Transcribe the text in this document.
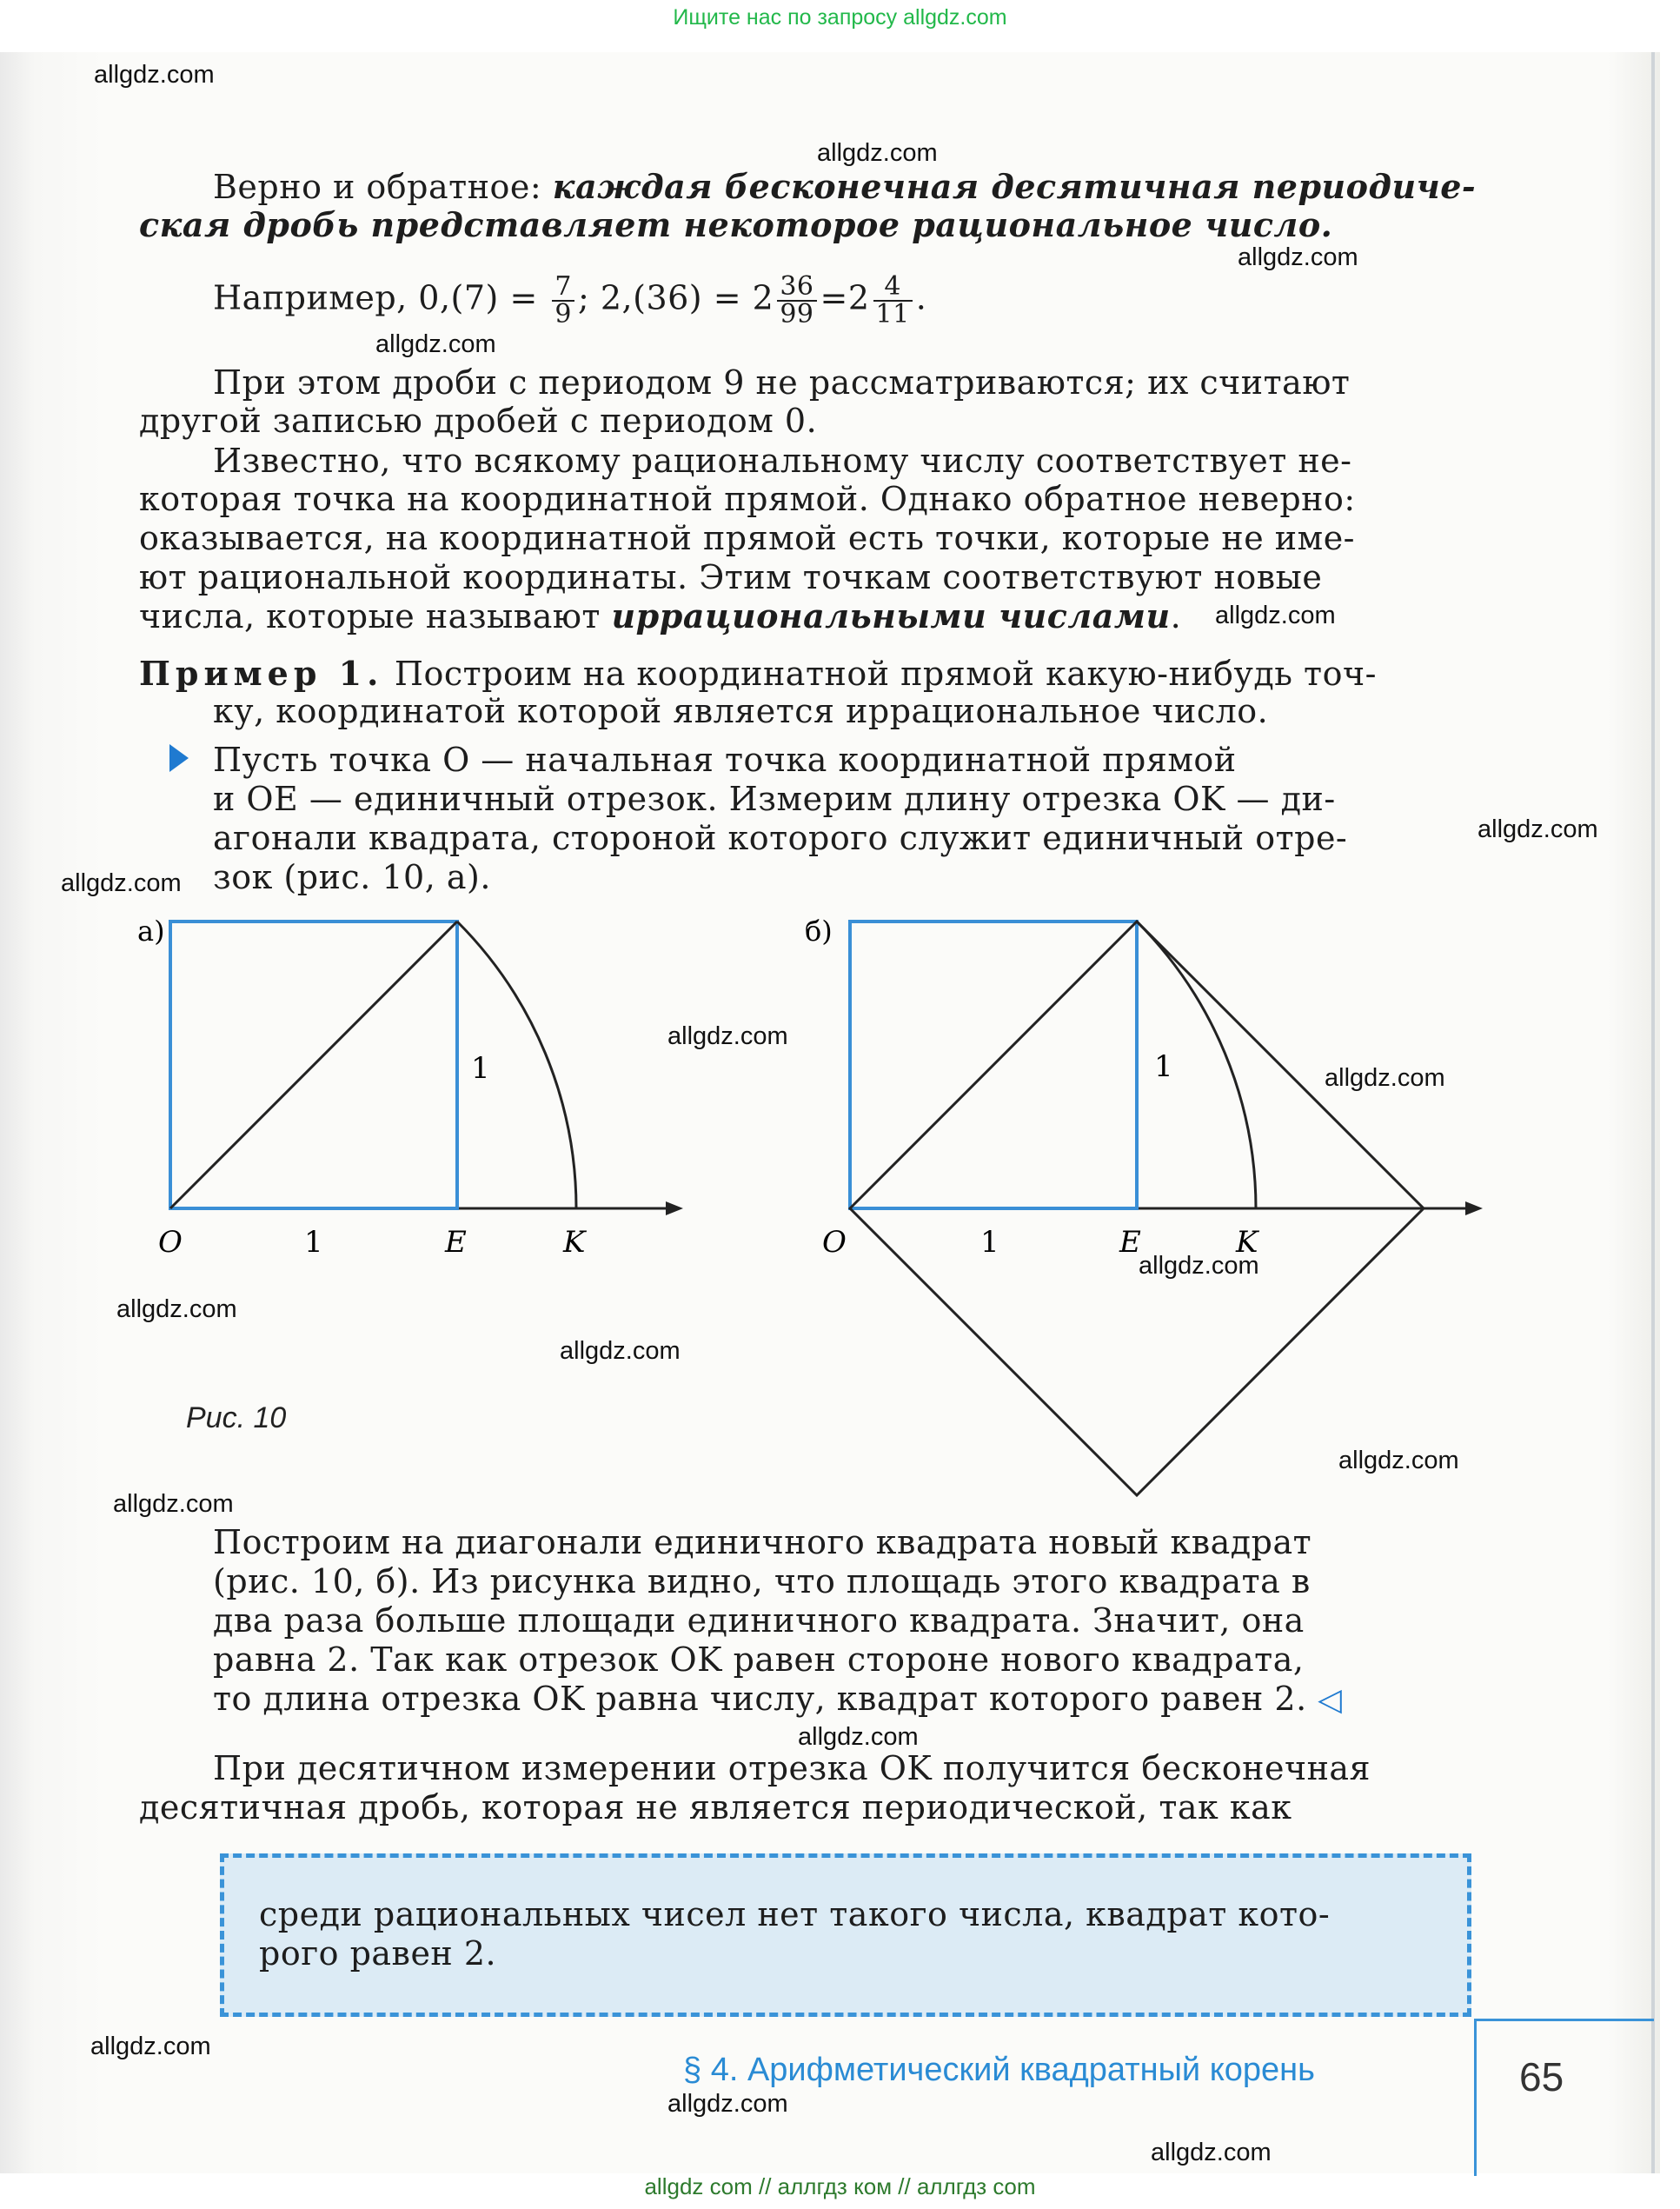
Ищите нас по запросу allgdz.com
allgdz.com
allgdz.com
allgdz.com
allgdz.com
allgdz.com
allgdz.com
allgdz.com
allgdz.com
allgdz.com
allgdz.com
allgdz.com
allgdz.com
allgdz.com
allgdz.com
allgdz.com
allgdz.com
allgdz.com
allgdz.com
Верно и обратное: каждая бесконечная десятичная периодиче-
ская дробь представляет некоторое рациональное число.
Например, $0,(7) = \frac{7}{9}$ ; $2,(36) = 2 \frac{36}{99} =2 \frac{4}{11}$ .
При этом дроби с периодом 9 не рассматриваются; их считают
другой записью дробей с периодом 0.
Известно, что всякому рациональному числу соответствует не-
которая точка на координатной прямой. Однако обратное неверно:
оказывается, на координатной прямой есть точки, которые не име-
ют рациональной координаты. Этим точкам соответствуют новые
числа, которые называют иррациональными числами.
Пример 1. Построим на координатной прямой какую-нибудь точ-
ку, координатой которой является иррациональное число.
Пусть точка O — начальная точка координатной прямой
и OE — единичный отрезок. Измерим длину отрезка OK — ди-
агонали квадрата, стороной которого служит единичный отре-
зок (рис. 10, a).
а)
1
O	1	E	K
б)
1
O	1	E	K
Рис. 10
Построим на диагонали единичного квадрата новый квадрат
(рис. 10, б). Из рисунка видно, что площадь этого квадрата в
два раза больше площади единичного квадрата. Значит, она
равна 2. Так как отрезок OK равен стороне нового квадрата,
то длина отрезка OK равна числу, квадрат которого равен 2. ◁
При десятичном измерении отрезка OK получится бесконечная
десятичная дробь, которая не является периодической, так как
среди рациональных чисел нет такого числа, квадрат кото-
рого равен 2.
§ 4. Арифметический квадратный корень	65
allgdz com // аллгдз ком // аллгдз com
